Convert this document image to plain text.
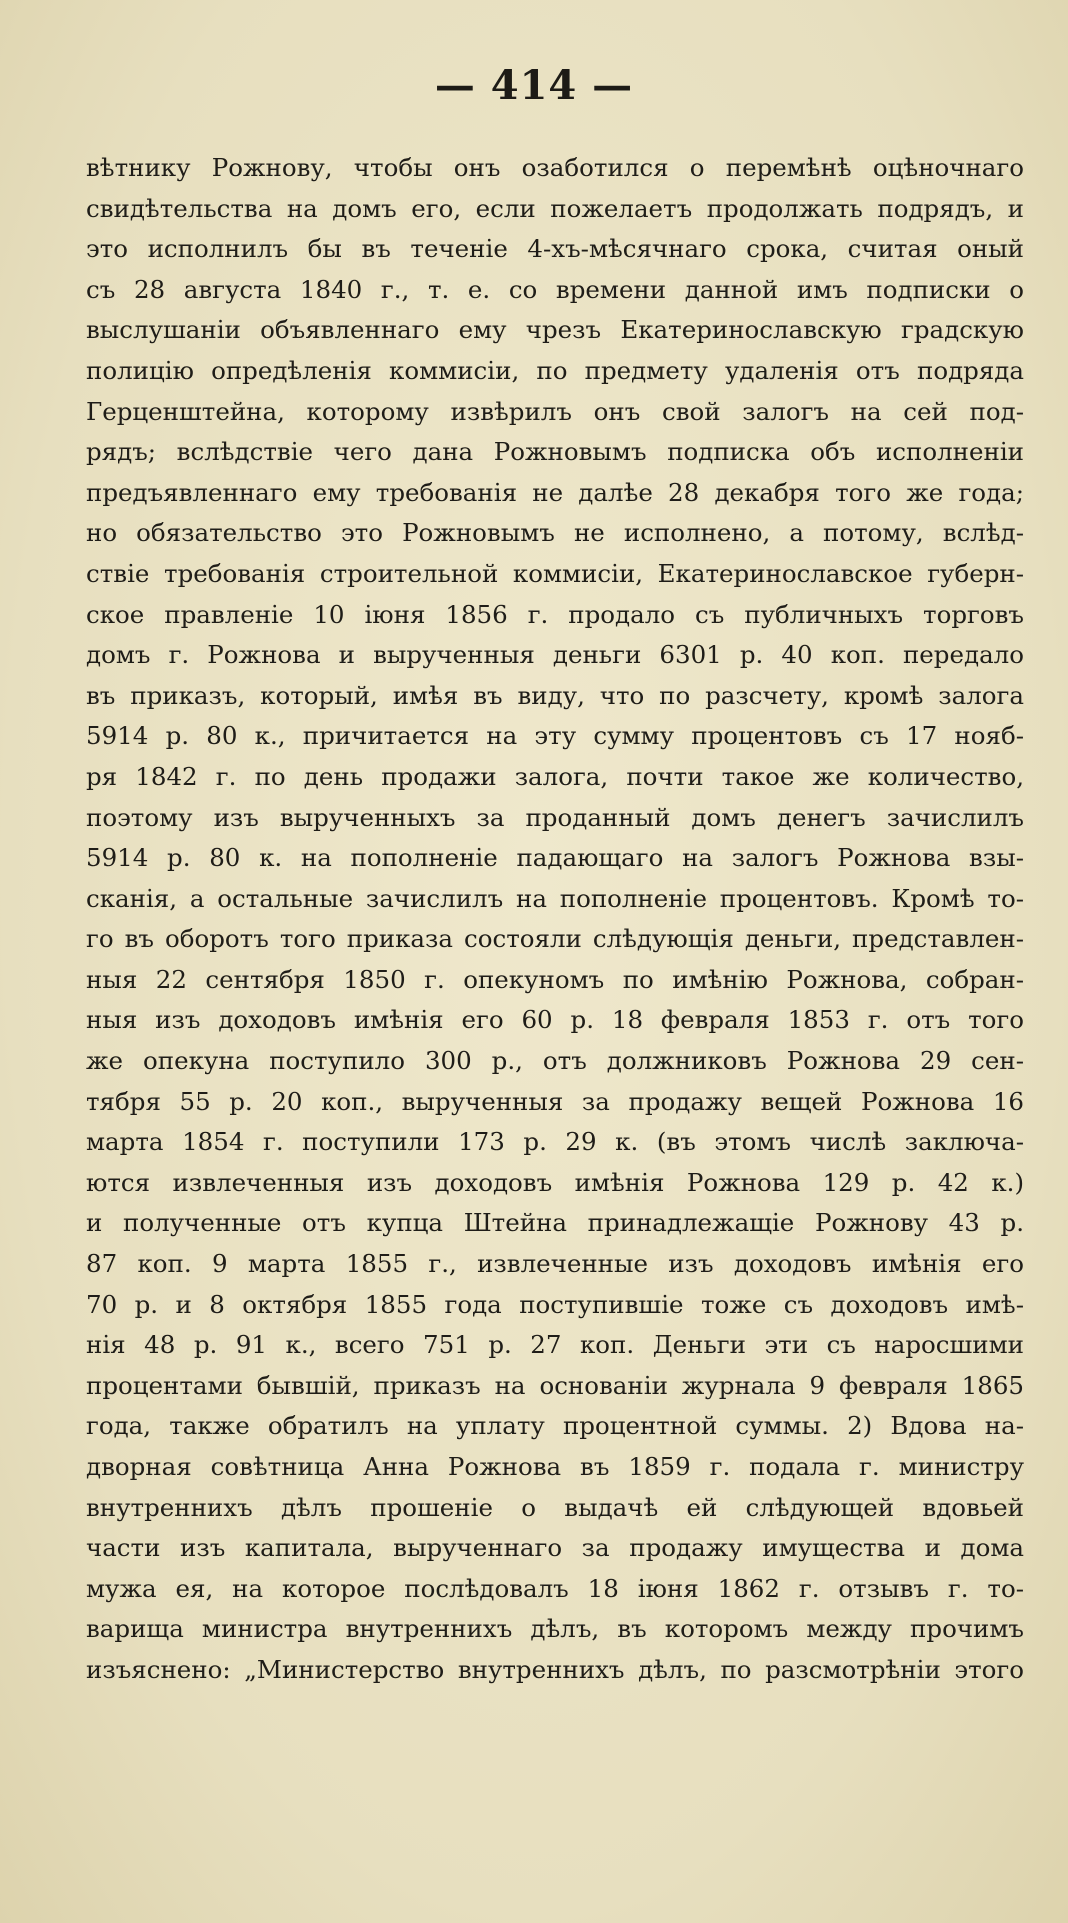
— 414 —
вѣтнику Рожнову, чтобы онъ озаботился о перемѣнѣ оцѣночнаго
свидѣтельства на домъ его, если пожелаетъ продолжать подрядъ, и
это исполнилъ бы въ теченіе 4-хъ-мѣсячнаго срока, считая оный
съ 28 августа 1840 г., т. е. со времени данной имъ подписки о
выслушаніи объявленнаго ему чрезъ Екатеринославскую градскую
полицію опредѣленія коммисіи, по предмету удаленія отъ подряда
Герценштейна, которому извѣрилъ онъ свой залогъ на сей под-
рядъ; вслѣдствіе чего дана Рожновымъ подписка объ исполненіи
предъявленнаго ему требованія не далѣе 28 декабря того же года;
но обязательство это Рожновымъ не исполнено, а потому, вслѣд-
ствіе требованія строительной коммисіи, Екатеринославское губерн-
ское правленіе 10 іюня 1856 г. продало съ публичныхъ торговъ
домъ г. Рожнова и вырученныя деньги 6301 р. 40 коп. передало
въ приказъ, который, имѣя въ виду, что по разсчету, кромѣ залога
5914 р. 80 к., причитается на эту сумму процентовъ съ 17 нояб-
ря 1842 г. по день продажи залога, почти такое же количество,
поэтому изъ вырученныхъ за проданный домъ денегъ зачислилъ
5914 р. 80 к. на пополненіе падающаго на залогъ Рожнова взы-
сканія, а остальные зачислилъ на пополненіе процентовъ. Кромѣ то-
го въ оборотъ того приказа состояли слѣдующія деньги, представлен-
ныя 22 сентября 1850 г. опекуномъ по имѣнію Рожнова, собран-
ныя изъ доходовъ имѣнія его 60 р. 18 февраля 1853 г. отъ того
же опекуна поступило 300 р., отъ должниковъ Рожнова 29 сен-
тября 55 р. 20 коп., вырученныя за продажу вещей Рожнова 16
марта 1854 г. поступили 173 р. 29 к. (въ этомъ числѣ заключа-
ются извлеченныя изъ доходовъ имѣнія Рожнова 129 р. 42 к.)
и полученные отъ купца Штейна принадлежащіе Рожнову 43 р.
87 коп. 9 марта 1855 г., извлеченные изъ доходовъ имѣнія его
70 р. и 8 октября 1855 года поступившіе тоже съ доходовъ имѣ-
нія 48 р. 91 к., всего 751 р. 27 коп. Деньги эти съ наросшими
процентами бывшій, приказъ на основаніи журнала 9 февраля 1865
года, также обратилъ на уплату процентной суммы. 2) Вдова на-
дворная совѣтница Анна Рожнова въ 1859 г. подала г. министру
внутреннихъ дѣлъ прошеніе о выдачѣ ей слѣдующей вдовьей
части изъ капитала, вырученнаго за продажу имущества и дома
мужа ея, на которое послѣдовалъ 18 іюня 1862 г. отзывъ г. то-
варища министра внутреннихъ дѣлъ, въ которомъ между прочимъ
изъяснено: „Министерство внутреннихъ дѣлъ, по разсмотрѣніи этого
